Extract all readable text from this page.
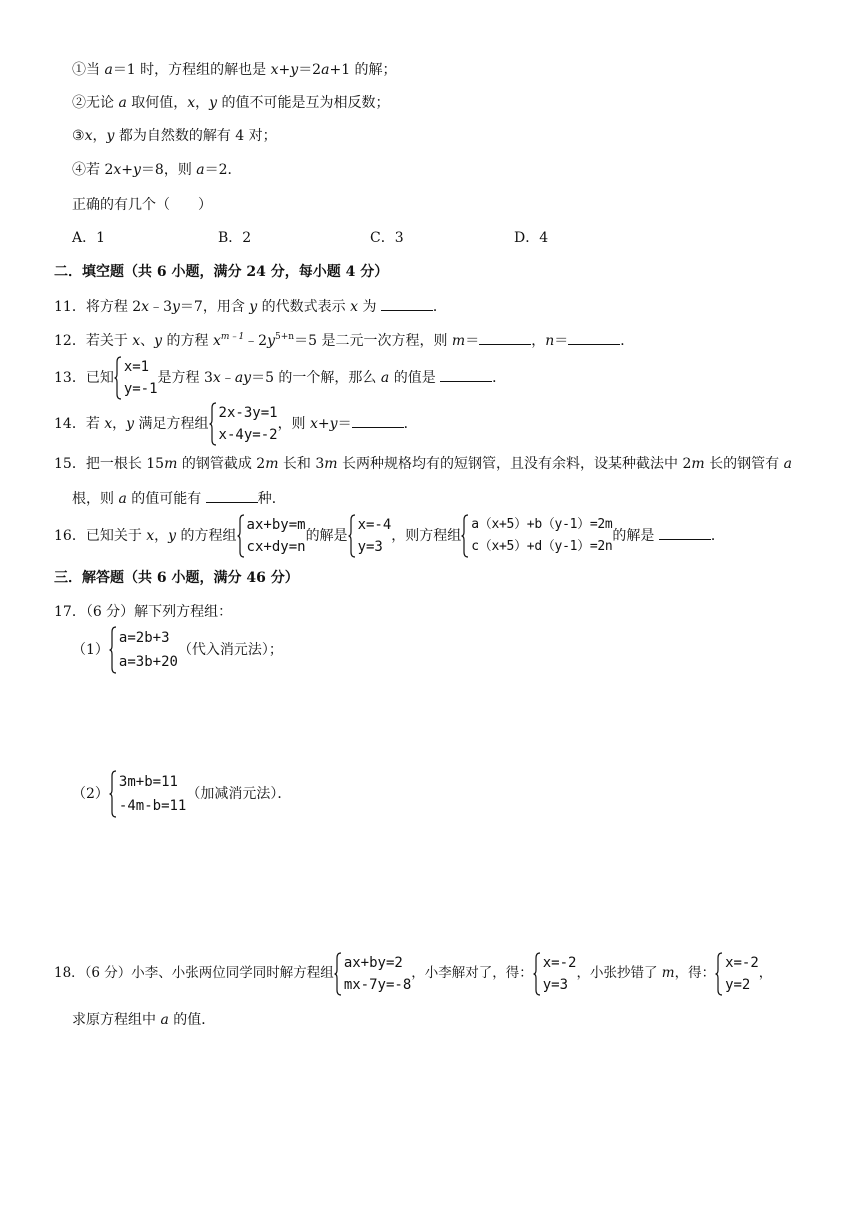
①当 a＝1 时，方程组的解也是 x+y＝2a+1 的解；
②无论 a 取何值，x，y 的值不可能是互为相反数；
③x，y 都为自然数的解有 4 对；
④若 2x+y＝8，则 a＝2．
正确的有几个（　　）
A．1	B．2	C．3	D．4
二．填空题（共 6 小题，满分 24 分，每小题 4 分）
11．将方程 2x﹣3y＝7，用含 y 的代数式表示 x 为	．
12．若关于 x、y 的方程 $x^{m﹣1}﹣2y^{5+n}=5$ 是二元一次方程，则 m＝	，n＝	．
13．已知
x=1
y=-1
是方程 3x﹣ay＝5 的一个解，那么 a 的值是	．
14．若 x，y 满足方程组
2x-3y=1
x-4y=-2
，则 x+y＝	．
15．把一根长 15m 的钢管截成 2m 长和 3m 长两种规格均有的短钢管，且没有余料，设某种截法中 2m 长的钢管有 a
根，则 a 的值可能有	种．
16．已知关于 x，y 的方程组
ax+by=m
cx+dy=n
的解是
x=-4
y=3
，则方程组
a（x+5）+b（y-1）=2m
c（x+5）+d（y-1）=2n
的解是	．
三．解答题（共 6 小题，满分 46 分）
17．（6 分）解下列方程组：
（1）
a=2b+3
a=3b+20
（代入消元法）；
（2）
3m+b=11
-4m-b=11
（加减消元法）．
18．（6 分）小李、小张两位同学同时解方程组
ax+by=2
mx-7y=-8
，小李解对了，得：
x=-2
y=3
，小张抄错了 m，得：
x=-2
y=2
，
求原方程组中 a 的值．
